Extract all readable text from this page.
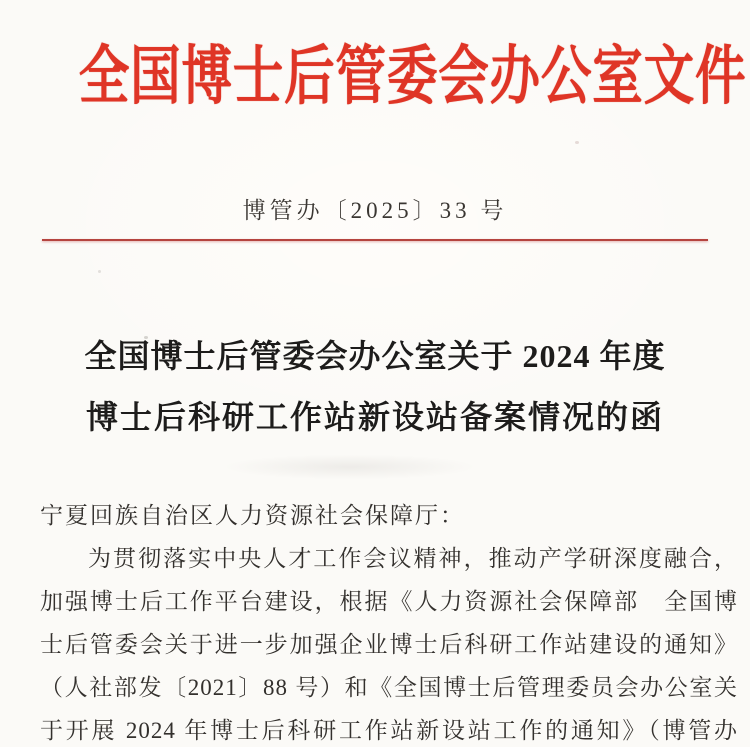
全国博士后管委会办公室文件
博管办〔2025〕33 号
全国博士后管委会办公室关于 2024 年度
博士后科研工作站新设站备案情况的函
宁夏回族自治区人力资源社会保障厅：
为贯彻落实中央人才工作会议精神，推动产学研深度融合，
加强博士后工作平台建设，根据《人力资源社会保障部　全国博
士后管委会关于进一步加强企业博士后科研工作站建设的通知》
（人社部发〔2021〕88 号）和《全国博士后管理委员会办公室关
于开展 2024 年博士后科研工作站新设站工作的通知》（博管办
